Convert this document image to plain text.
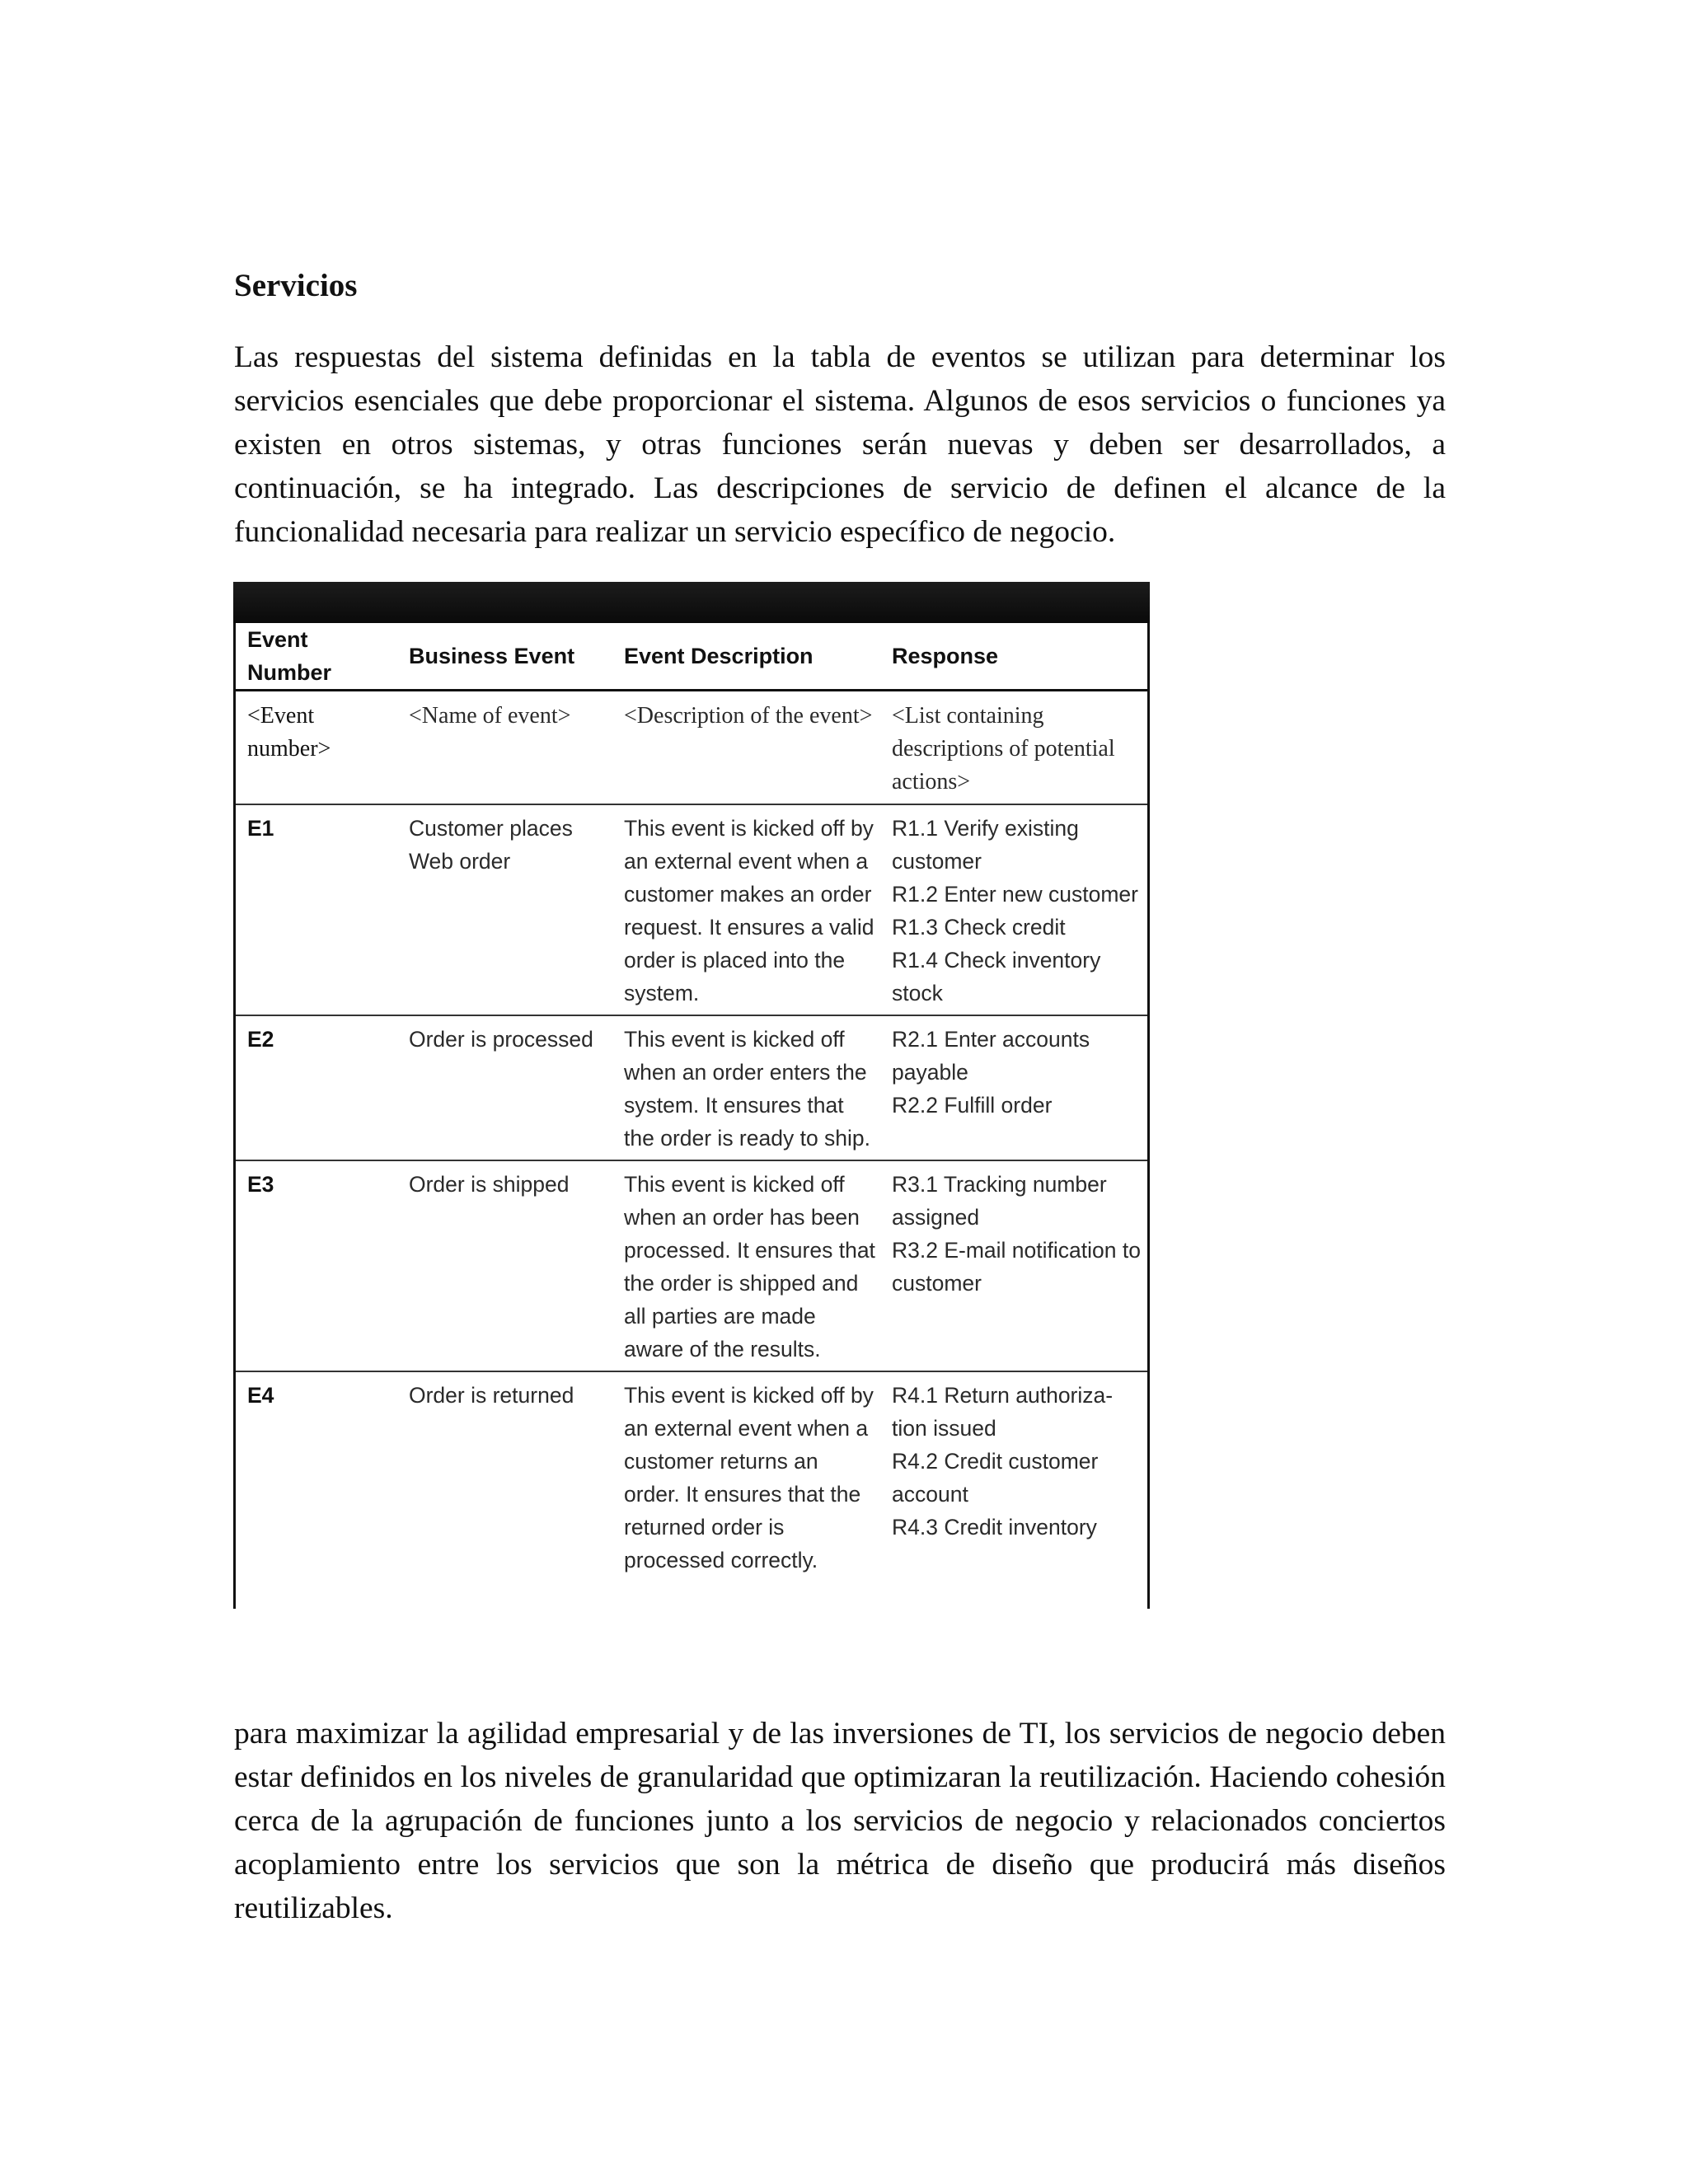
Servicios

Las respuestas del sistema definidas en la tabla de eventos se utilizan para determinar los servicios esenciales que debe proporcionar el sistema. Algunos de esos servicios o funciones ya existen en otros sistemas, y otras funciones serán nuevas y deben ser desarrollados, a continuación, se ha integrado. Las descripciones de servicio de definen el alcance de la funcionalidad necesaria para realizar un servicio específico de negocio.

Event Number	Business Event	Event Description	Response
<Event number>	<Name of event>	<Description of the event>	<List containing descriptions of potential actions>
E1	Customer places Web order	This event is kicked off by an external event when a customer makes an order request. It ensures a valid order is placed into the system.	R1.1 Verify existing customer
R1.2 Enter new customer
R1.3 Check credit
R1.4 Check inventory stock

E2	Order is processed	This event is kicked off when an order enters the system. It ensures that the order is ready to ship.	R2.1 Enter accounts payable
R2.2 Fulfill order

E3	Order is shipped	This event is kicked off when an order has been processed. It ensures that the order is shipped and all parties are made aware of the results.	R3.1 Tracking number assigned
R3.2 E-mail notification to customer

E4	Order is returned	This event is kicked off by an external event when a customer returns an order. It ensures that the returned order is processed correctly.	R4.1 Return authoriza-tion issued
R4.2 Credit customer account
R4.3 Credit inventory

para maximizar la agilidad empresarial y de las inversiones de TI, los servicios de negocio deben estar definidos en los niveles de granularidad que optimizaran la reutilización. Haciendo cohesión cerca de la agrupación de funciones junto a los servicios de negocio y relacionados conciertos acoplamiento entre los servicios que son la métrica de diseño que producirá más diseños reutilizables.
